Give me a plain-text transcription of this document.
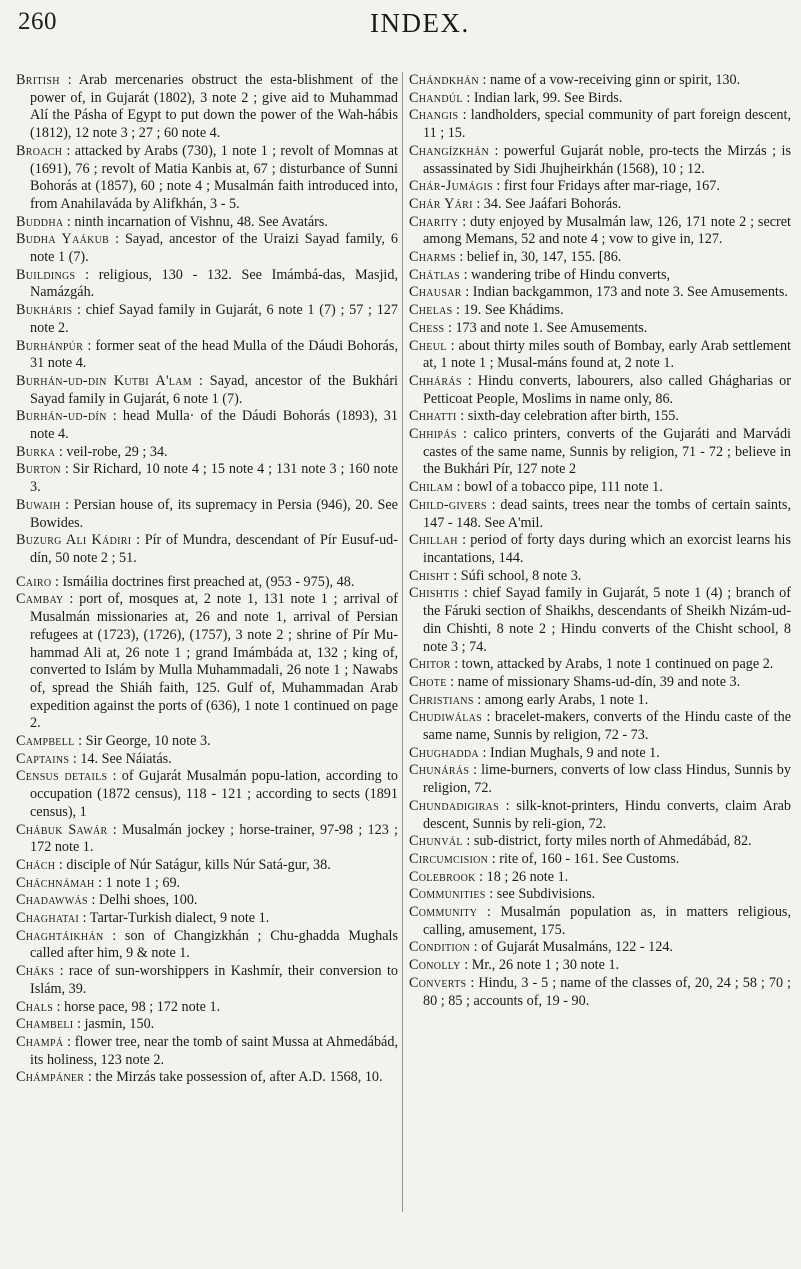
260	INDEX.

British : Arab mercenaries obstruct the esta-blishment of the power of, in Gujarát (1802), 3 note 2 ; give aid to Muhammad Alí the Pásha of Egypt to put down the power of the Wah-hábis (1812), 12 note 3 ; 27 ; 60 note 4.

Broach : attacked by Arabs (730), 1 note 1 ; revolt of Momnas at (1691), 76 ; revolt of Matia Kanbis at, 67 ; disturbance of Sunni Bohorás at (1857), 60 ; note 4 ; Musalmán faith introduced into, from Anahilaváda by Alifkhán, 3 - 5.

Buddha : ninth incarnation of Vishnu, 48. See Avatárs.

Budha Yaákub : Sayad, ancestor of the Uraizi Sayad family, 6 note 1 (7).

Buildings : religious, 130 - 132. See Imámbá-das, Masjid, Namázgáh.

Bukháris : chief Sayad family in Gujarát, 6 note 1 (7) ; 57 ; 127 note 2.

Burhánpúr : former seat of the head Mulla of the Dáudi Bohorás, 31 note 4.

Burhán-ud-din Kutbi A'lam : Sayad, ancestor of the Bukhári Sayad family in Gujarát, 6 note 1 (7).

Burhán-ud-dín : head Mulla· of the Dáudi Bohorás (1893), 31 note 4.

Burka : veil-robe, 29 ; 34.

Burton : Sir Richard, 10 note 4 ; 15 note 4 ; 131 note 3 ; 160 note 3.

Buwaih : Persian house of, its supremacy in Persia (946), 20. See Bowides.

Buzurg Ali Kádiri : Pír of Mundra, descendant of Pír Eusuf-ud-dín, 50 note 2 ; 51.

Cairo : Ismáilia doctrines first preached at, (953 - 975), 48.

Cambay : port of, mosques at, 2 note 1, 131 note 1 ; arrival of Musalmán missionaries at, 26 and note 1, arrival of Persian refugees at (1723), (1726), (1757), 3 note 2 ; shrine of Pír Mu-hammad Ali at, 26 note 1 ; grand Imámbáda at, 132 ; king of, converted to Islám by Mulla Muhammadali, 26 note 1 ; Nawabs of, spread the Shiáh faith, 125. Gulf of, Muhammadan Arab expedition against the ports of (636), 1 note 1 continued on page 2.

Campbell : Sir George, 10 note 3.

Captains : 14. See Náiatás.

Census details : of Gujarát Musalmán popu-lation, according to occupation (1872 census), 118 - 121 ; according to sects (1891 census), 1

Chábuk Sawár : Musalmán jockey ; horse-trainer, 97-98 ; 123 ; 172 note 1.

Chách : disciple of Núr Satágur, kills Núr Satá-gur, 38.

Cháchnámah : 1 note 1 ; 69.

Chadawwás : Delhi shoes, 100.

Chaghatai : Tartar-Turkish dialect, 9 note 1.

Chaghtáikhán : son of Changizkhán ; Chu-ghadda Mughals called after him, 9 & note 1.

Cháks : race of sun-worshippers in Kashmír, their conversion to Islám, 39.

Chals : horse pace, 98 ; 172 note 1.

Chambeli : jasmin, 150.

Champá : flower tree, near the tomb of saint Mussa at Ahmedábád, its holiness, 123 note 2.

Chámpáner : the Mirzás take possession of, after A.D. 1568, 10.

Chándkhán : name of a vow-receiving ginn or spirit, 130.

Chandúl : Indian lark, 99. See Birds.

Changis : landholders, special community of part foreign descent, 11 ; 15.

Changízkhán : powerful Gujarát noble, pro-tects the Mirzás ; is assassinated by Sidi Jhujheirkhán (1568), 10 ; 12.

Chár-Jumágis : first four Fridays after mar-riage, 167.

Chár Yári : 34. See Jaáfari Bohorás.

Charity : duty enjoyed by Musalmán law, 126, 171 note 2 ; secret among Memans, 52 and note 4 ; vow to give in, 127.

Charms : belief in, 30, 147, 155. [86.

Chátlas : wandering tribe of Hindu converts,

Chausar : Indian backgammon, 173 and note 3. See Amusements.

Chelas : 19. See Khádims.

Chess : 173 and note 1. See Amusements.

Cheul : about thirty miles south of Bombay, early Arab settlement at, 1 note 1 ; Musal-máns found at, 2 note 1.

Chhárás : Hindu converts, labourers, also called Ghágharias or Petticoat People, Moslims in name only, 86.

Chhatti : sixth-day celebration after birth, 155.

Chhipás : calico printers, converts of the Gujaráti and Marvádi castes of the same name, Sunnis by religion, 71 - 72 ; believe in the Bukhári Pír, 127 note 2

Chilam : bowl of a tobacco pipe, 111 note 1.

Child-givers : dead saints, trees near the tombs of certain saints, 147 - 148. See A'mil.

Chillah : period of forty days during which an exorcist learns his incantations, 144.

Chisht : Súfi school, 8 note 3.

Chishtis : chief Sayad family in Gujarát, 5 note 1 (4) ; branch of the Fáruki section of Shaikhs, descendants of Sheikh Nizám-ud-din Chishti, 8 note 2 ; Hindu converts of the Chisht school, 8 note 3 ; 74.

Chitor : town, attacked by Arabs, 1 note 1 continued on page 2.

Chote : name of missionary Shams-ud-dín, 39 and note 3.

Christians : among early Arabs, 1 note 1.

Chudiwálas : bracelet-makers, converts of the Hindu caste of the same name, Sunnis by religion, 72 - 73.

Chughadda : Indian Mughals, 9 and note 1.

Chunárás : lime-burners, converts of low class Hindus, Sunnis by religion, 72.

Chundadigiras : silk-knot-printers, Hindu converts, claim Arab descent, Sunnis by reli-gion, 72.

Chunvál : sub-district, forty miles north of Ahmedábád, 82.

Circumcision : rite of, 160 - 161. See Customs.

Colebrook : 18 ; 26 note 1.

Communities : see Subdivisions.

Community : Musalmán population as, in matters religious, calling, amusement, 175.

Condition : of Gujarát Musalmáns, 122 - 124.

Conolly : Mr., 26 note 1 ; 30 note 1.

Converts : Hindu, 3 - 5 ; name of the classes of, 20, 24 ; 58 ; 70 ; 80 ; 85 ; accounts of, 19 - 90.
